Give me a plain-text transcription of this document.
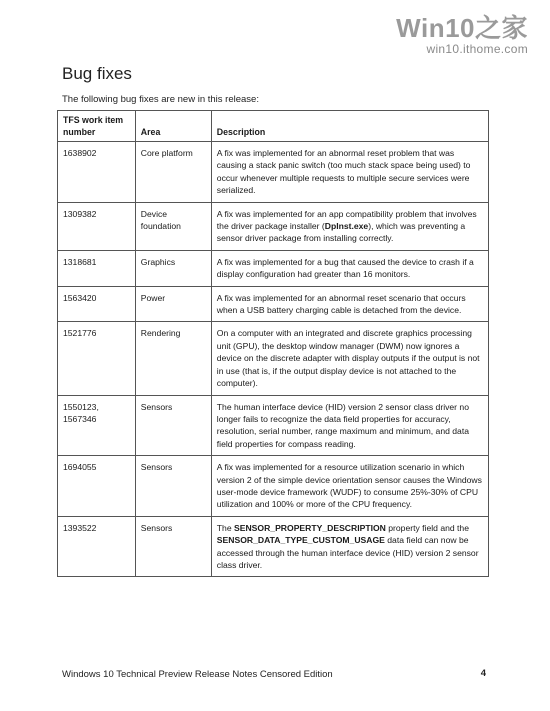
Win10之家
win10.ithome.com
Bug fixes
The following bug fixes are new in this release:
TFS work item number	Area	Description
1638902	Core platform	A fix was implemented for an abnormal reset problem that was causing a stack panic switch (too much stack space being used) to occur whenever multiple requests to multiple secure services were serialized.
1309382	Device foundation	A fix was implemented for an app compatibility problem that involves the driver package installer (DpInst.exe), which was preventing a sensor driver package from installing correctly.
1318681	Graphics	A fix was implemented for a bug that caused the device to crash if a display configuration had greater than 16 monitors.
1563420	Power	A fix was implemented for an abnormal reset scenario that occurs when a USB battery charging cable is detached from the device.
1521776	Rendering	On a computer with an integrated and discrete graphics processing unit (GPU), the desktop window manager (DWM) now ignores a device on the discrete adapter with display outputs if the output is not in use (that is, if the output display device is not attached to the computer).
1550123, 1567346	Sensors	The human interface device (HID) version 2 sensor class driver no longer fails to recognize the data field properties for accuracy, resolution, serial number, range maximum and minimum, and data field properties for compass reading.
1694055	Sensors	A fix was implemented for a resource utilization scenario in which version 2 of the simple device orientation sensor causes the Windows user-mode device framework (WUDF) to consume 25%-30% of CPU utilization and 100% or more of the CPU frequency.
1393522	Sensors	The SENSOR_PROPERTY_DESCRIPTION property field and the SENSOR_DATA_TYPE_CUSTOM_USAGE data field can now be accessed through the human interface device (HID) version 2 sensor class driver.
Windows 10 Technical Preview Release Notes Censored Edition	4
